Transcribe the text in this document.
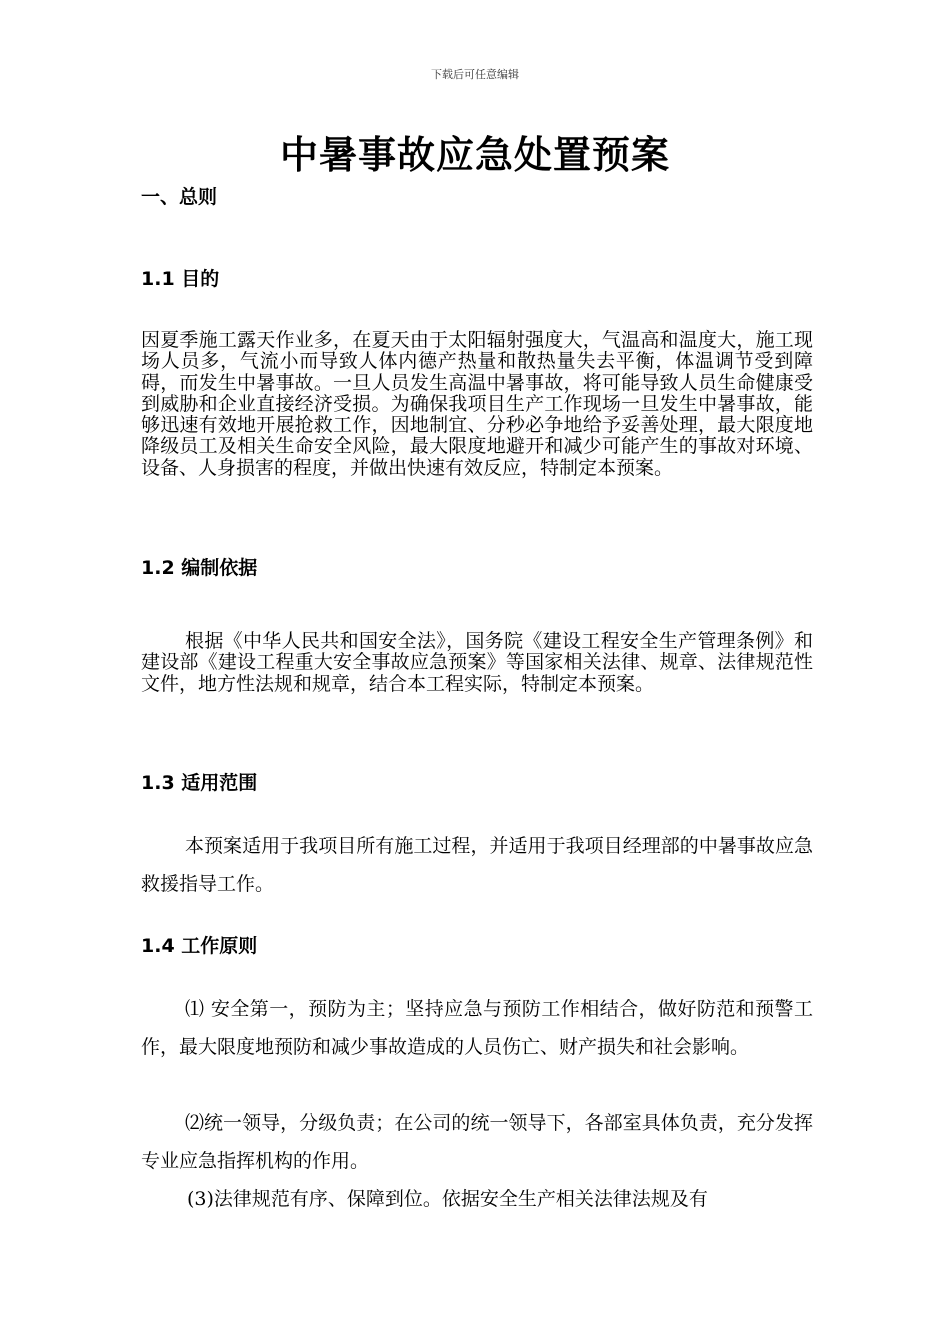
下载后可任意编辑
中暑事故应急处置预案
一、总则
1.1 目的
因夏季施工露天作业多，在夏天由于太阳辐射强度大，气温高和温度大，施工现场人员多，气流小而导致人体内德产热量和散热量失去平衡，体温调节受到障碍，而发生中暑事故。一旦人员发生高温中暑事故，将可能导致人员生命健康受到威胁和企业直接经济受损。为确保我项目生产工作现场一旦发生中暑事故，能够迅速有效地开展抢救工作，因地制宜、分秒必争地给予妥善处理，最大限度地降级员工及相关生命安全风险，最大限度地避开和减少可能产生的事故对环境、设备、人身损害的程度，并做出快速有效反应，特制定本预案。
1.2 编制依据
根据《中华人民共和国安全法》，国务院《建设工程安全生产管理条例》和建设部《建设工程重大安全事故应急预案》等国家相关法律、规章、法律规范性文件，地方性法规和规章，结合本工程实际，特制定本预案。
1.3 适用范围
本预案适用于我项目所有施工过程，并适用于我项目经理部的中暑事故应急救援指导工作。
1.4 工作原则
⑴ 安全第一，预防为主；坚持应急与预防工作相结合，做好防范和预警工作，最大限度地预防和减少事故造成的人员伤亡、财产损失和社会影响。
⑵统一领导，分级负责；在公司的统一领导下，各部室具体负责，充分发挥专业应急指挥机构的作用。
(3)法律规范有序、保障到位。依据安全生产相关法律法规及有
